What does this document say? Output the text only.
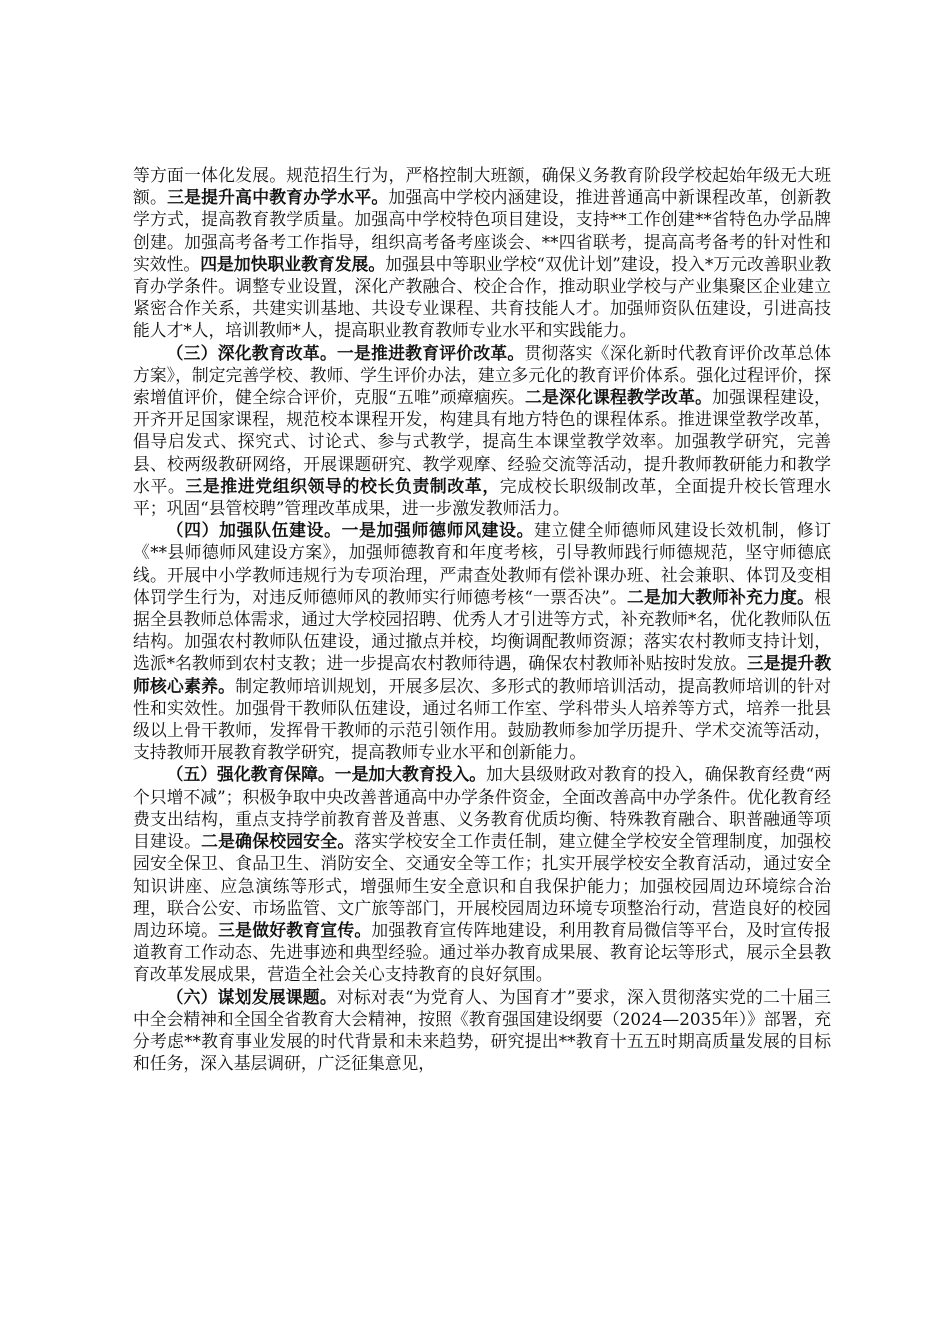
等方面一体化发展。规范招生行为，严格控制大班额，确保义务教育阶段学校起始年级无大班额。三是提升高中教育办学水平。加强高中学校内涵建设，推进普通高中新课程改革，创新教学方式，提高教育教学质量。加强高中学校特色项目建设，支持**工作创建**省特色办学品牌创建。加强高考备考工作指导，组织高考备考座谈会、**四省联考，提高高考备考的针对性和实效性。四是加快职业教育发展。加强县中等职业学校“双优计划”建设，投入*万元改善职业教育办学条件。调整专业设置，深化产教融合、校企合作，推动职业学校与产业集聚区企业建立紧密合作关系，共建实训基地、共设专业课程、共育技能人才。加强师资队伍建设，引进高技能人才*人，培训教师*人，提高职业教育教师专业水平和实践能力。

（三）深化教育改革。一是推进教育评价改革。贯彻落实《深化新时代教育评价改革总体方案》，制定完善学校、教师、学生评价办法，建立多元化的教育评价体系。强化过程评价，探索增值评价，健全综合评价，克服“五唯”顽瘴痼疾。二是深化课程教学改革。加强课程建设，开齐开足国家课程，规范校本课程开发，构建具有地方特色的课程体系。推进课堂教学改革，倡导启发式、探究式、讨论式、参与式教学，提高生本课堂教学效率。加强教学研究，完善县、校两级教研网络，开展课题研究、教学观摩、经验交流等活动，提升教师教研能力和教学水平。三是推进党组织领导的校长负责制改革，完成校长职级制改革，全面提升校长管理水平；巩固“县管校聘”管理改革成果，进一步激发教师活力。

（四）加强队伍建设。一是加强师德师风建设。建立健全师德师风建设长效机制，修订《**县师德师风建设方案》，加强师德教育和年度考核，引导教师践行师德规范，坚守师德底线。开展中小学教师违规行为专项治理，严肃查处教师有偿补课办班、社会兼职、体罚及变相体罚学生行为，对违反师德师风的教师实行师德考核“一票否决”。二是加大教师补充力度。根据全县教师总体需求，通过大学校园招聘、优秀人才引进等方式，补充教师*名，优化教师队伍结构。加强农村教师队伍建设，通过撤点并校，均衡调配教师资源；落实农村教师支持计划，选派*名教师到农村支教；进一步提高农村教师待遇，确保农村教师补贴按时发放。三是提升教师核心素养。制定教师培训规划，开展多层次、多形式的教师培训活动，提高教师培训的针对性和实效性。加强骨干教师队伍建设，通过名师工作室、学科带头人培养等方式，培养一批县级以上骨干教师，发挥骨干教师的示范引领作用。鼓励教师参加学历提升、学术交流等活动，支持教师开展教育教学研究，提高教师专业水平和创新能力。

（五）强化教育保障。一是加大教育投入。加大县级财政对教育的投入，确保教育经费“两个只增不减”；积极争取中央改善普通高中办学条件资金，全面改善高中办学条件。优化教育经费支出结构，重点支持学前教育普及普惠、义务教育优质均衡、特殊教育融合、职普融通等项目建设。二是确保校园安全。落实学校安全工作责任制，建立健全学校安全管理制度，加强校园安全保卫、食品卫生、消防安全、交通安全等工作；扎实开展学校安全教育活动，通过安全知识讲座、应急演练等形式，增强师生安全意识和自我保护能力；加强校园周边环境综合治理，联合公安、市场监管、文广旅等部门，开展校园周边环境专项整治行动，营造良好的校园周边环境。三是做好教育宣传。加强教育宣传阵地建设，利用教育局微信等平台，及时宣传报道教育工作动态、先进事迹和典型经验。通过举办教育成果展、教育论坛等形式，展示全县教育改革发展成果，营造全社会关心支持教育的良好氛围。

（六）谋划发展课题。对标对表“为党育人、为国育才”要求，深入贯彻落实党的二十届三中全会精神和全国全省教育大会精神，按照《教育强国建设纲要（2024—2035年）》部署，充分考虑**教育事业发展的时代背景和未来趋势，研究提出**教育十五五时期高质量发展的目标和任务，深入基层调研，广泛征集意见，
